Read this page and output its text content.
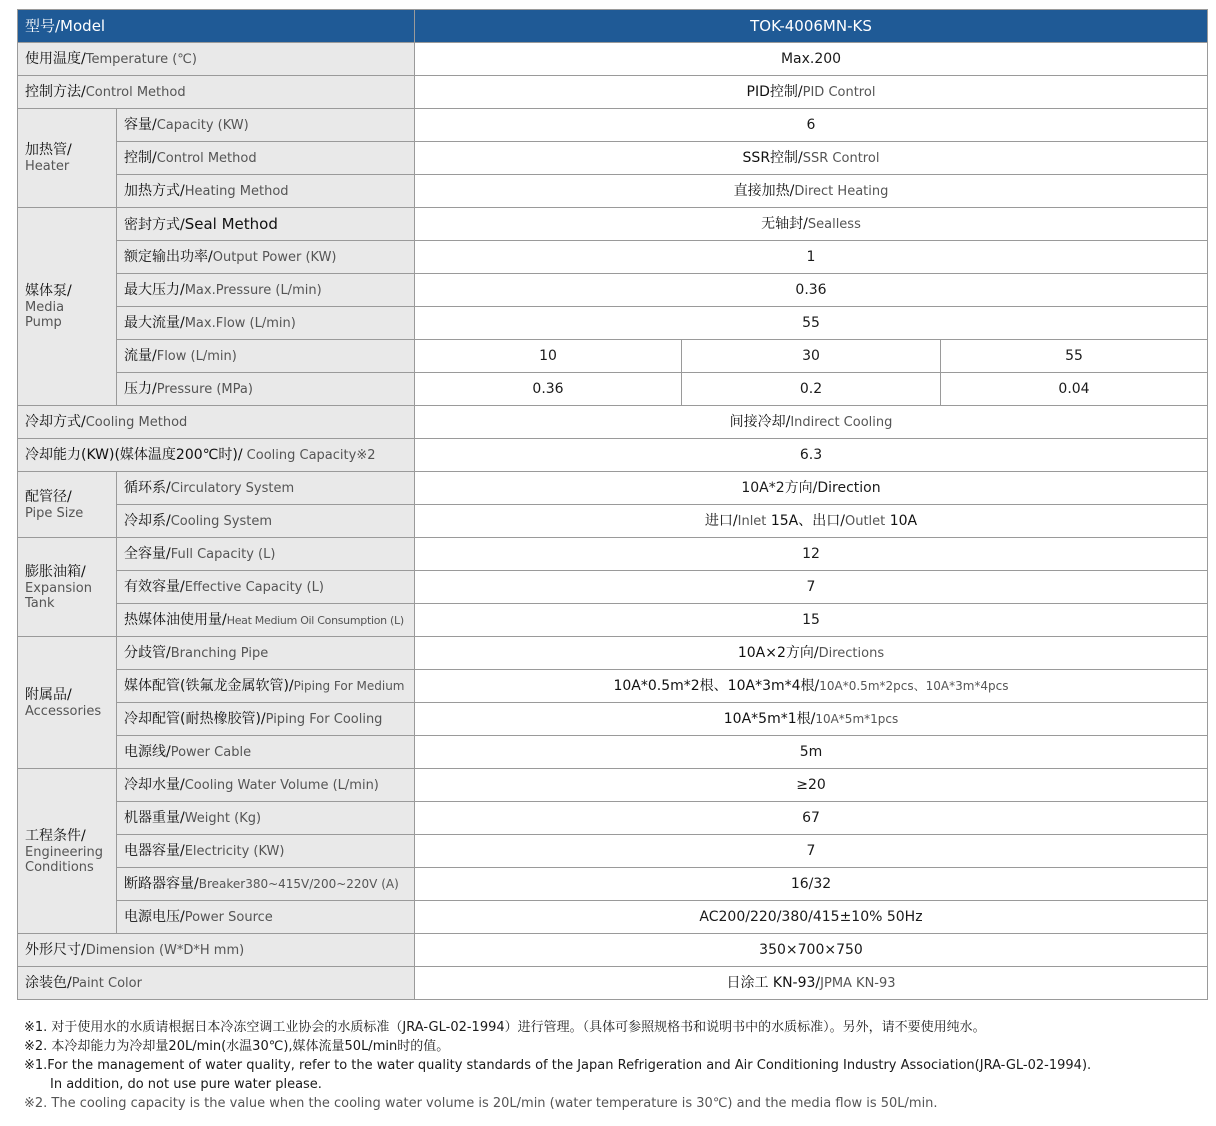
型号/Model		TOK-4006MN-KS		
使用温度/Temperature (℃)		Max.200		
控制方法/Control Method		PID控制/PID Control		

加热管/
Heater	容量/Capacity (KW)	6		
	控制/Control Method	SSR控制/SSR Control		
	加热方式/Heating Method	直接加热/Direct Heating		

媒体泵/
Media
Pump	密封方式/Seal Method	无轴封/Sealless		
	额定输出功率/Output Power (KW)	1		
	最大压力/Max.Pressure (L/min)	0.36		
	最大流量/Max.Flow (L/min)	55		
	流量/Flow (L/min)	10	30	55
	压力/Pressure (MPa)	0.36	0.2	0.04
冷却方式/Cooling Method		间接冷却/Indirect Cooling		
冷却能力(KW)(媒体温度200℃时)/ Cooling Capacity※2		6.3		

配管径/
Pipe Size	循环系/Circulatory System	10A*2方向/Direction		
	冷却系/Cooling System	进口/Inlet 15A、出口/Outlet 10A		

膨胀油箱/
Expansion
Tank	全容量/Full Capacity (L)	12		
	有效容量/Effective Capacity (L)	7		
	热媒体油使用量/Heat Medium Oil Consumption (L)	15		

附属品/
Accessories	分歧管/Branching Pipe	10A×2方向/Directions		
	媒体配管(铁氟龙金属软管)/Piping For Medium	10A*0.5m*2根、10A*3m*4根/10A*0.5m*2pcs、10A*3m*4pcs		
	冷却配管(耐热橡胶管)/Piping For Cooling	10A*5m*1根/10A*5m*1pcs		
	电源线/Power Cable	5m		

工程条件/
Engineering
Conditions	冷却水量/Cooling Water Volume (L/min)	≥20		
	机器重量/Weight (Kg)	67		
	电器容量/Electricity (KW)	7		
	断路器容量/Breaker380~415V/200~220V (A)	16/32		
	电源电压/Power Source	AC200/220/380/415±10% 50Hz		
外形尺寸/Dimension (W*D*H mm)		350×700×750		
涂装色/Paint Color		日涂工 KN-93/JPMA KN-93		
※1. 对于使用水的水质请根据日本冷冻空调工业协会的水质标准（JRA-GL-02-1994）进行管理。（具体可参照规格书和说明书中的水质标准）。另外，请不要使用纯水。
※2. 本冷却能力为冷却量20L/min(水温30℃),媒体流量50L/min时的值。
※1.For the management of water quality, refer to the water quality standards of the Japan Refrigeration and Air Conditioning Industry Association(JRA-GL-02-1994).
In addition, do not use pure water please.
※2. The cooling capacity is the value when the cooling water volume is 20L/min (water temperature is 30℃) and the media flow is 50L/min.
